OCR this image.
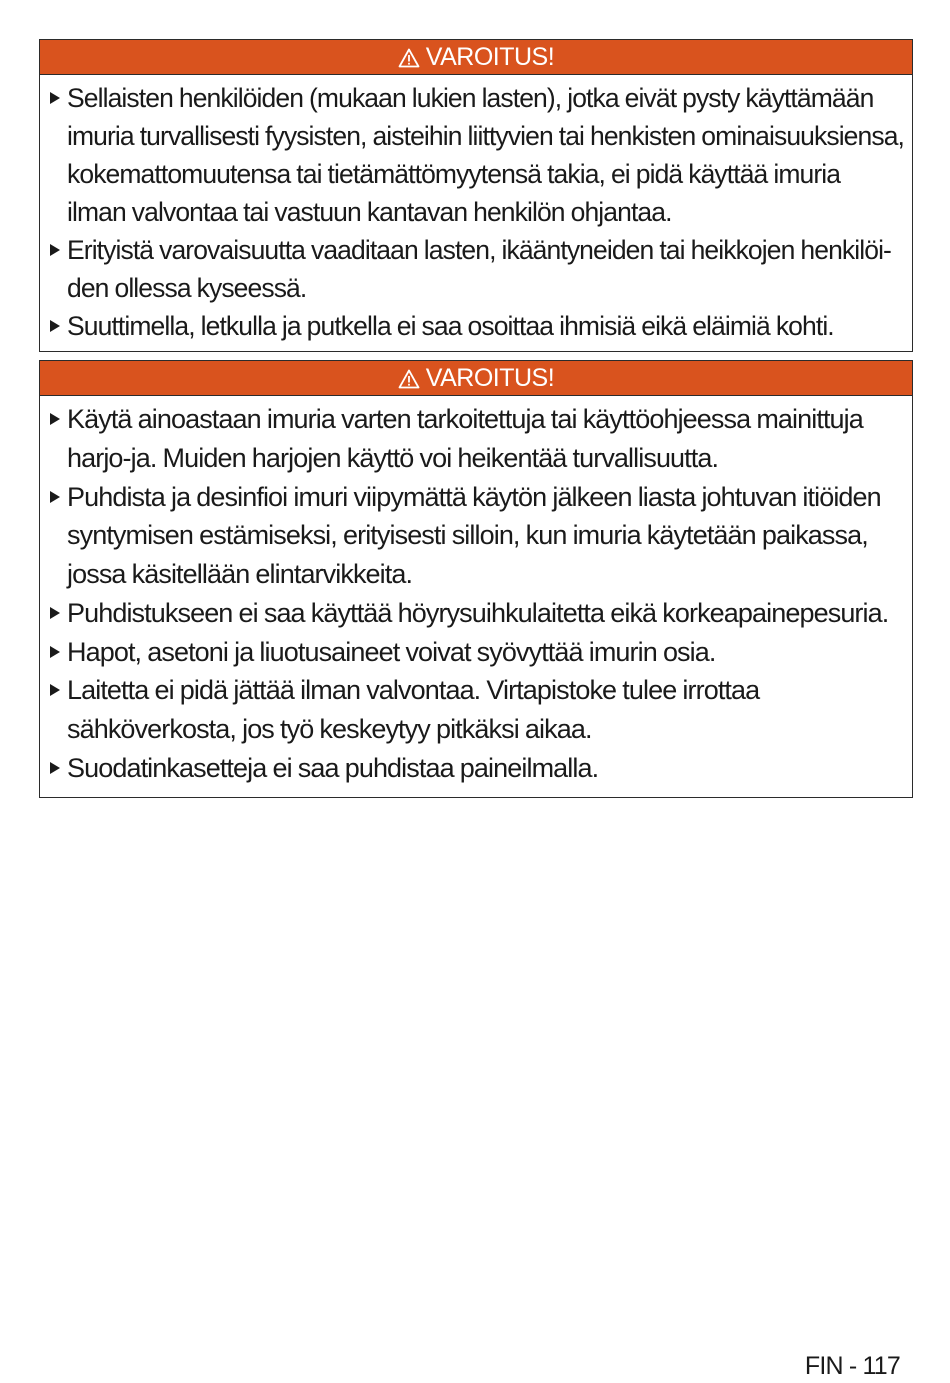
VAROITUS!
Sellaisten henkilöiden (mukaan lukien lasten), jotka eivät pysty käyttämään imuria turvallisesti fyysisten, aisteihin liittyvien tai henkisten ominaisuuksiensa, kokemattomuutensa tai tietämättömyytensä takia, ei pidä käyttää imuria ilman valvontaa tai vastuun kantavan henkilön ohjantaa.
Erityistä varovaisuutta vaaditaan lasten, ikääntyneiden tai heikkojen henkilöi-den ollessa kyseessä.
Suuttimella, letkulla ja putkella ei saa osoittaa ihmisiä eikä eläimiä kohti.
VAROITUS!
Käytä ainoastaan imuria varten tarkoitettuja tai käyttöohjeessa mainittuja harjo-ja. Muiden harjojen käyttö voi heikentää turvallisuutta.
Puhdista ja desinfioi imuri viipymättä käytön jälkeen liasta johtuvan itiöiden syntymisen estämiseksi, erityisesti silloin, kun imuria käytetään paikassa, jossa käsitellään elintarvikkeita.
Puhdistukseen ei saa käyttää höyrysuihkulaitetta eikä korkeapainepesuria.
Hapot, asetoni ja liuotusaineet voivat syövyttää imurin osia.
Laitetta ei pidä jättää ilman valvontaa. Virtapistoke tulee irrottaa sähköverkosta, jos työ keskeytyy pitkäksi aikaa.
Suodatinkasetteja ei saa puhdistaa paineilmalla.
FIN - 117
